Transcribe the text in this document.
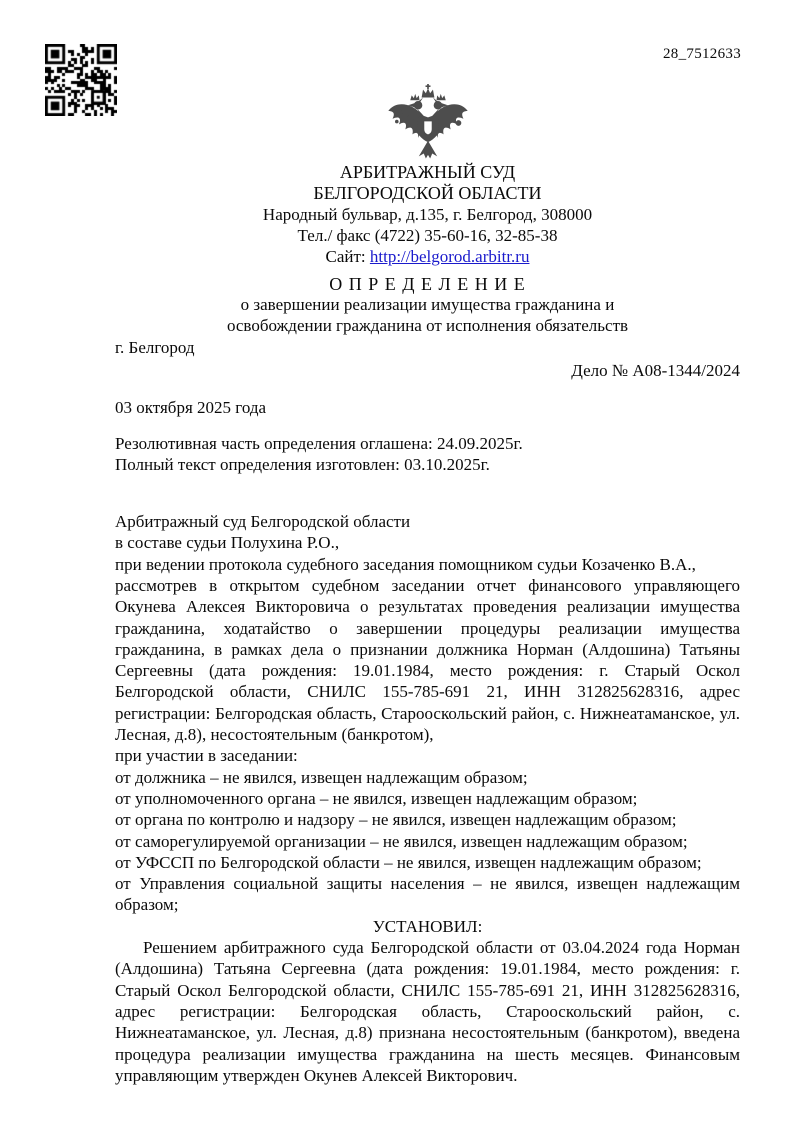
28_7512633
АРБИТРАЖНЫЙ СУД
БЕЛГОРОДСКОЙ ОБЛАСТИ
Народный бульвар, д.135, г. Белгород, 308000
Тел./ факс (4722) 35-60-16, 32-85-38
Сайт: http://belgorod.arbitr.ru
О П Р Е Д Е Л Е Н И Е
о завершении реализации имущества гражданина и
освобождении гражданина от исполнения обязательств
г. Белгород
Дело № А08-1344/2024
03 октября 2025 года
Резолютивная часть определения оглашена: 24.09.2025г.
Полный текст определения изготовлен: 03.10.2025г.
Арбитражный суд Белгородской области
в составе судьи Полухина Р.О.,
при ведении протокола судебного заседания помощником судьи Козаченко В.А.,
рассмотрев в открытом судебном заседании отчет финансового управляющего Окунева Алексея Викторовича о результатах проведения реализации имущества гражданина, ходатайство о завершении процедуры реализации имущества гражданина, в рамках дела о признании должника Норман (Алдошина) Татьяны Сергеевны (дата рождения: 19.01.1984, место рождения: г. Старый Оскол Белгородской области, СНИЛС 155-785-691 21, ИНН 312825628316, адрес регистрации: Белгородская область, Старооскольский район, с. Нижнеатаманское, ул. Лесная, д.8), несостоятельным (банкротом),
при участии в заседании:
от должника – не явился, извещен надлежащим образом;
от уполномоченного органа – не явился, извещен надлежащим образом;
от органа по контролю и надзору – не явился, извещен надлежащим образом;
от саморегулируемой организации – не явился, извещен надлежащим образом;
от УФССП по Белгородской области – не явился, извещен надлежащим образом;
от Управления социальной защиты населения – не явился, извещен надлежащим образом;
УСТАНОВИЛ:
Решением арбитражного суда Белгородской области от 03.04.2024 года Норман (Алдошина) Татьяна Сергеевна (дата рождения: 19.01.1984, место рождения: г. Старый Оскол Белгородской области, СНИЛС 155-785-691 21, ИНН 312825628316, адрес регистрации: Белгородская область, Старооскольский район, с. Нижнеатаманское, ул. Лесная, д.8) признана несостоятельным (банкротом), введена процедура реализации имущества гражданина на шесть месяцев. Финансовым управляющим утвержден Окунев Алексей Викторович.
